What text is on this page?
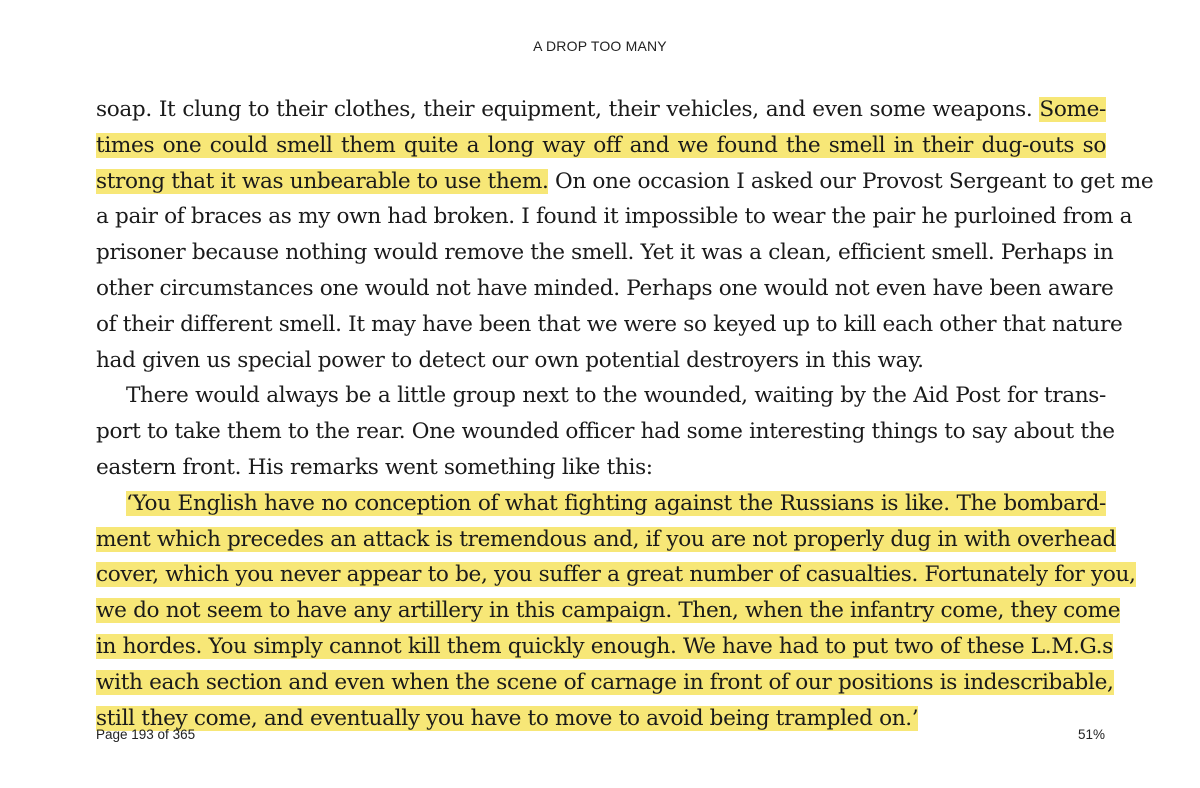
A DROP TOO MANY
soap. It clung to their clothes, their equipment, their vehicles, and even some weapons. Some-
times one could smell them quite a long way off and we found the smell in their dug-outs so
strong that it was unbearable to use them. On one occasion I asked our Provost Sergeant to get me
a pair of braces as my own had broken. I found it impossible to wear the pair he purloined from a
prisoner because nothing would remove the smell. Yet it was a clean, efficient smell. Perhaps in
other circumstances one would not have minded. Perhaps one would not even have been aware
of their different smell. It may have been that we were so keyed up to kill each other that nature
had given us special power to detect our own potential destroyers in this way.
There would always be a little group next to the wounded, waiting by the Aid Post for trans-
port to take them to the rear. One wounded officer had some interesting things to say about the
eastern front. His remarks went something like this:
‘You English have no conception of what fighting against the Russians is like. The bombard-
ment which precedes an attack is tremendous and, if you are not properly dug in with overhead
cover, which you never appear to be, you suffer a great number of casualties. Fortunately for you,
we do not seem to have any artillery in this campaign. Then, when the infantry come, they come
in hordes. You simply cannot kill them quickly enough. We have had to put two of these L.M.G.s
with each section and even when the scene of carnage in front of our positions is indescribable,
still they come, and eventually you have to move to avoid being trampled on.’
Page 193 of 365	51%
